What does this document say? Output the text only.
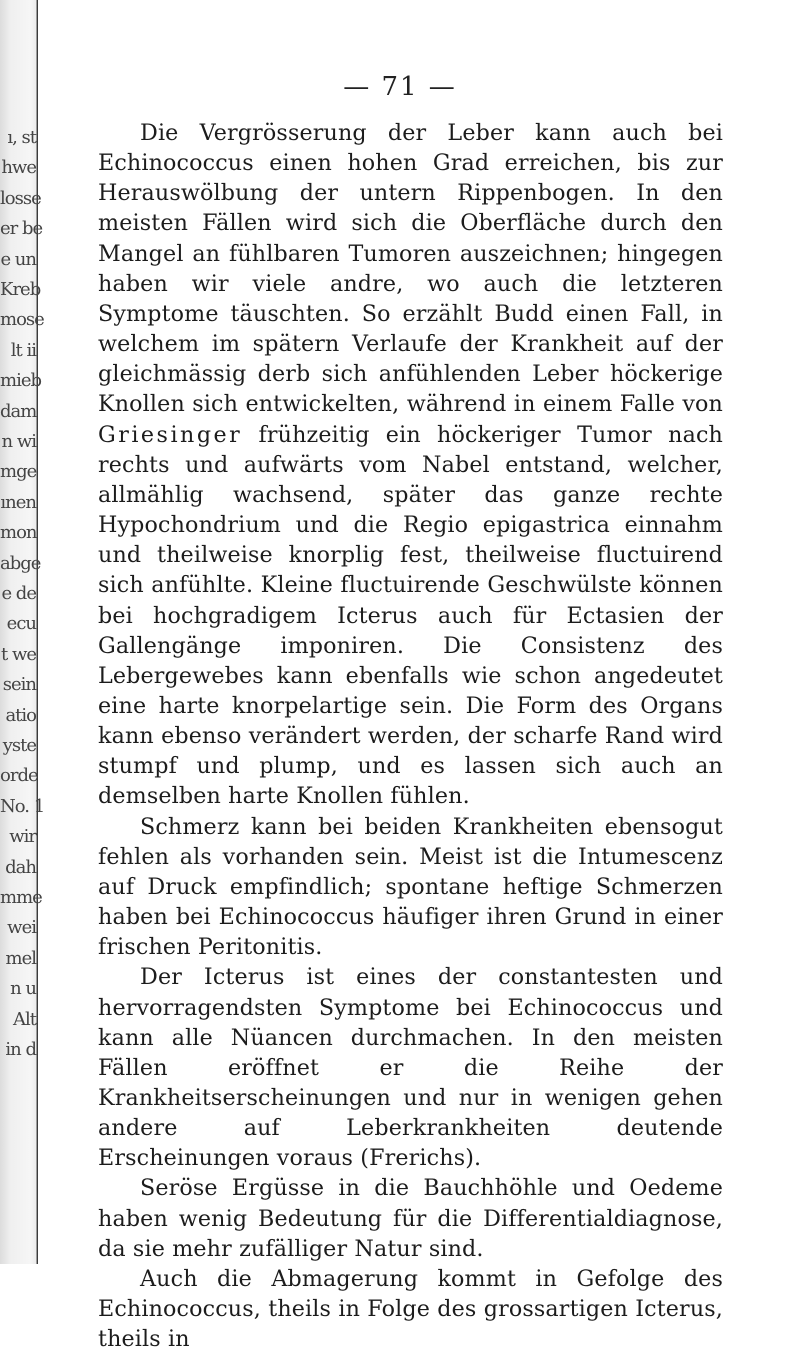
ı, st
hwe
losse
er be
e un
Kreb
mose
lt ii
mieb
dam
n wi
mge
ınen
mon
abge
e de
ecu
t we
sein
atio
yste
orde
No. 1
wir
dah
mme
wei
mel
n u
Alt
in d
— 71 —

Die Vergrösserung der Leber kann auch bei Echinococcus einen hohen Grad erreichen, bis zur Herauswölbung der untern Rippenbogen. In den meisten Fällen wird sich die Oberfläche durch den Mangel an fühlbaren Tumoren auszeichnen; hingegen haben wir viele andre, wo auch die letzteren Symptome täuschten. So erzählt Budd einen Fall, in welchem im spätern Verlaufe der Krankheit auf der gleichmässig derb sich anfühlenden Leber höckerige Knollen sich entwickelten, während in einem Falle von Griesinger frühzeitig ein höckeriger Tumor nach rechts und aufwärts vom Nabel entstand, welcher, allmählig wachsend, später das ganze rechte Hypochondrium und die Regio epigastrica einnahm und theilweise knorplig fest, theilweise fluctuirend sich anfühlte. Kleine fluctuirende Geschwülste können bei hochgradigem Icterus auch für Ectasien der Gallengänge imponiren. Die Consistenz des Lebergewebes kann ebenfalls wie schon angedeutet eine harte knorpelartige sein. Die Form des Organs kann ebenso verändert werden, der scharfe Rand wird stumpf und plump, und es lassen sich auch an demselben harte Knollen fühlen.

Schmerz kann bei beiden Krankheiten ebensogut fehlen als vorhanden sein. Meist ist die Intumescenz auf Druck empfindlich; spontane heftige Schmerzen haben bei Echinococcus häufiger ihren Grund in einer frischen Peritonitis.

Der Icterus ist eines der constantesten und hervorragendsten Symptome bei Echinococcus und kann alle Nüancen durchmachen. In den meisten Fällen eröffnet er die Reihe der Krankheitserscheinungen und nur in wenigen gehen andere auf Leberkrankheiten deutende Erscheinungen voraus (Frerichs).

Seröse Ergüsse in die Bauchhöhle und Oedeme haben wenig Bedeutung für die Differentialdiagnose, da sie mehr zufälliger Natur sind.

Auch die Abmagerung kommt in Gefolge des Echinococcus, theils in Folge des grossartigen Icterus, theils in
